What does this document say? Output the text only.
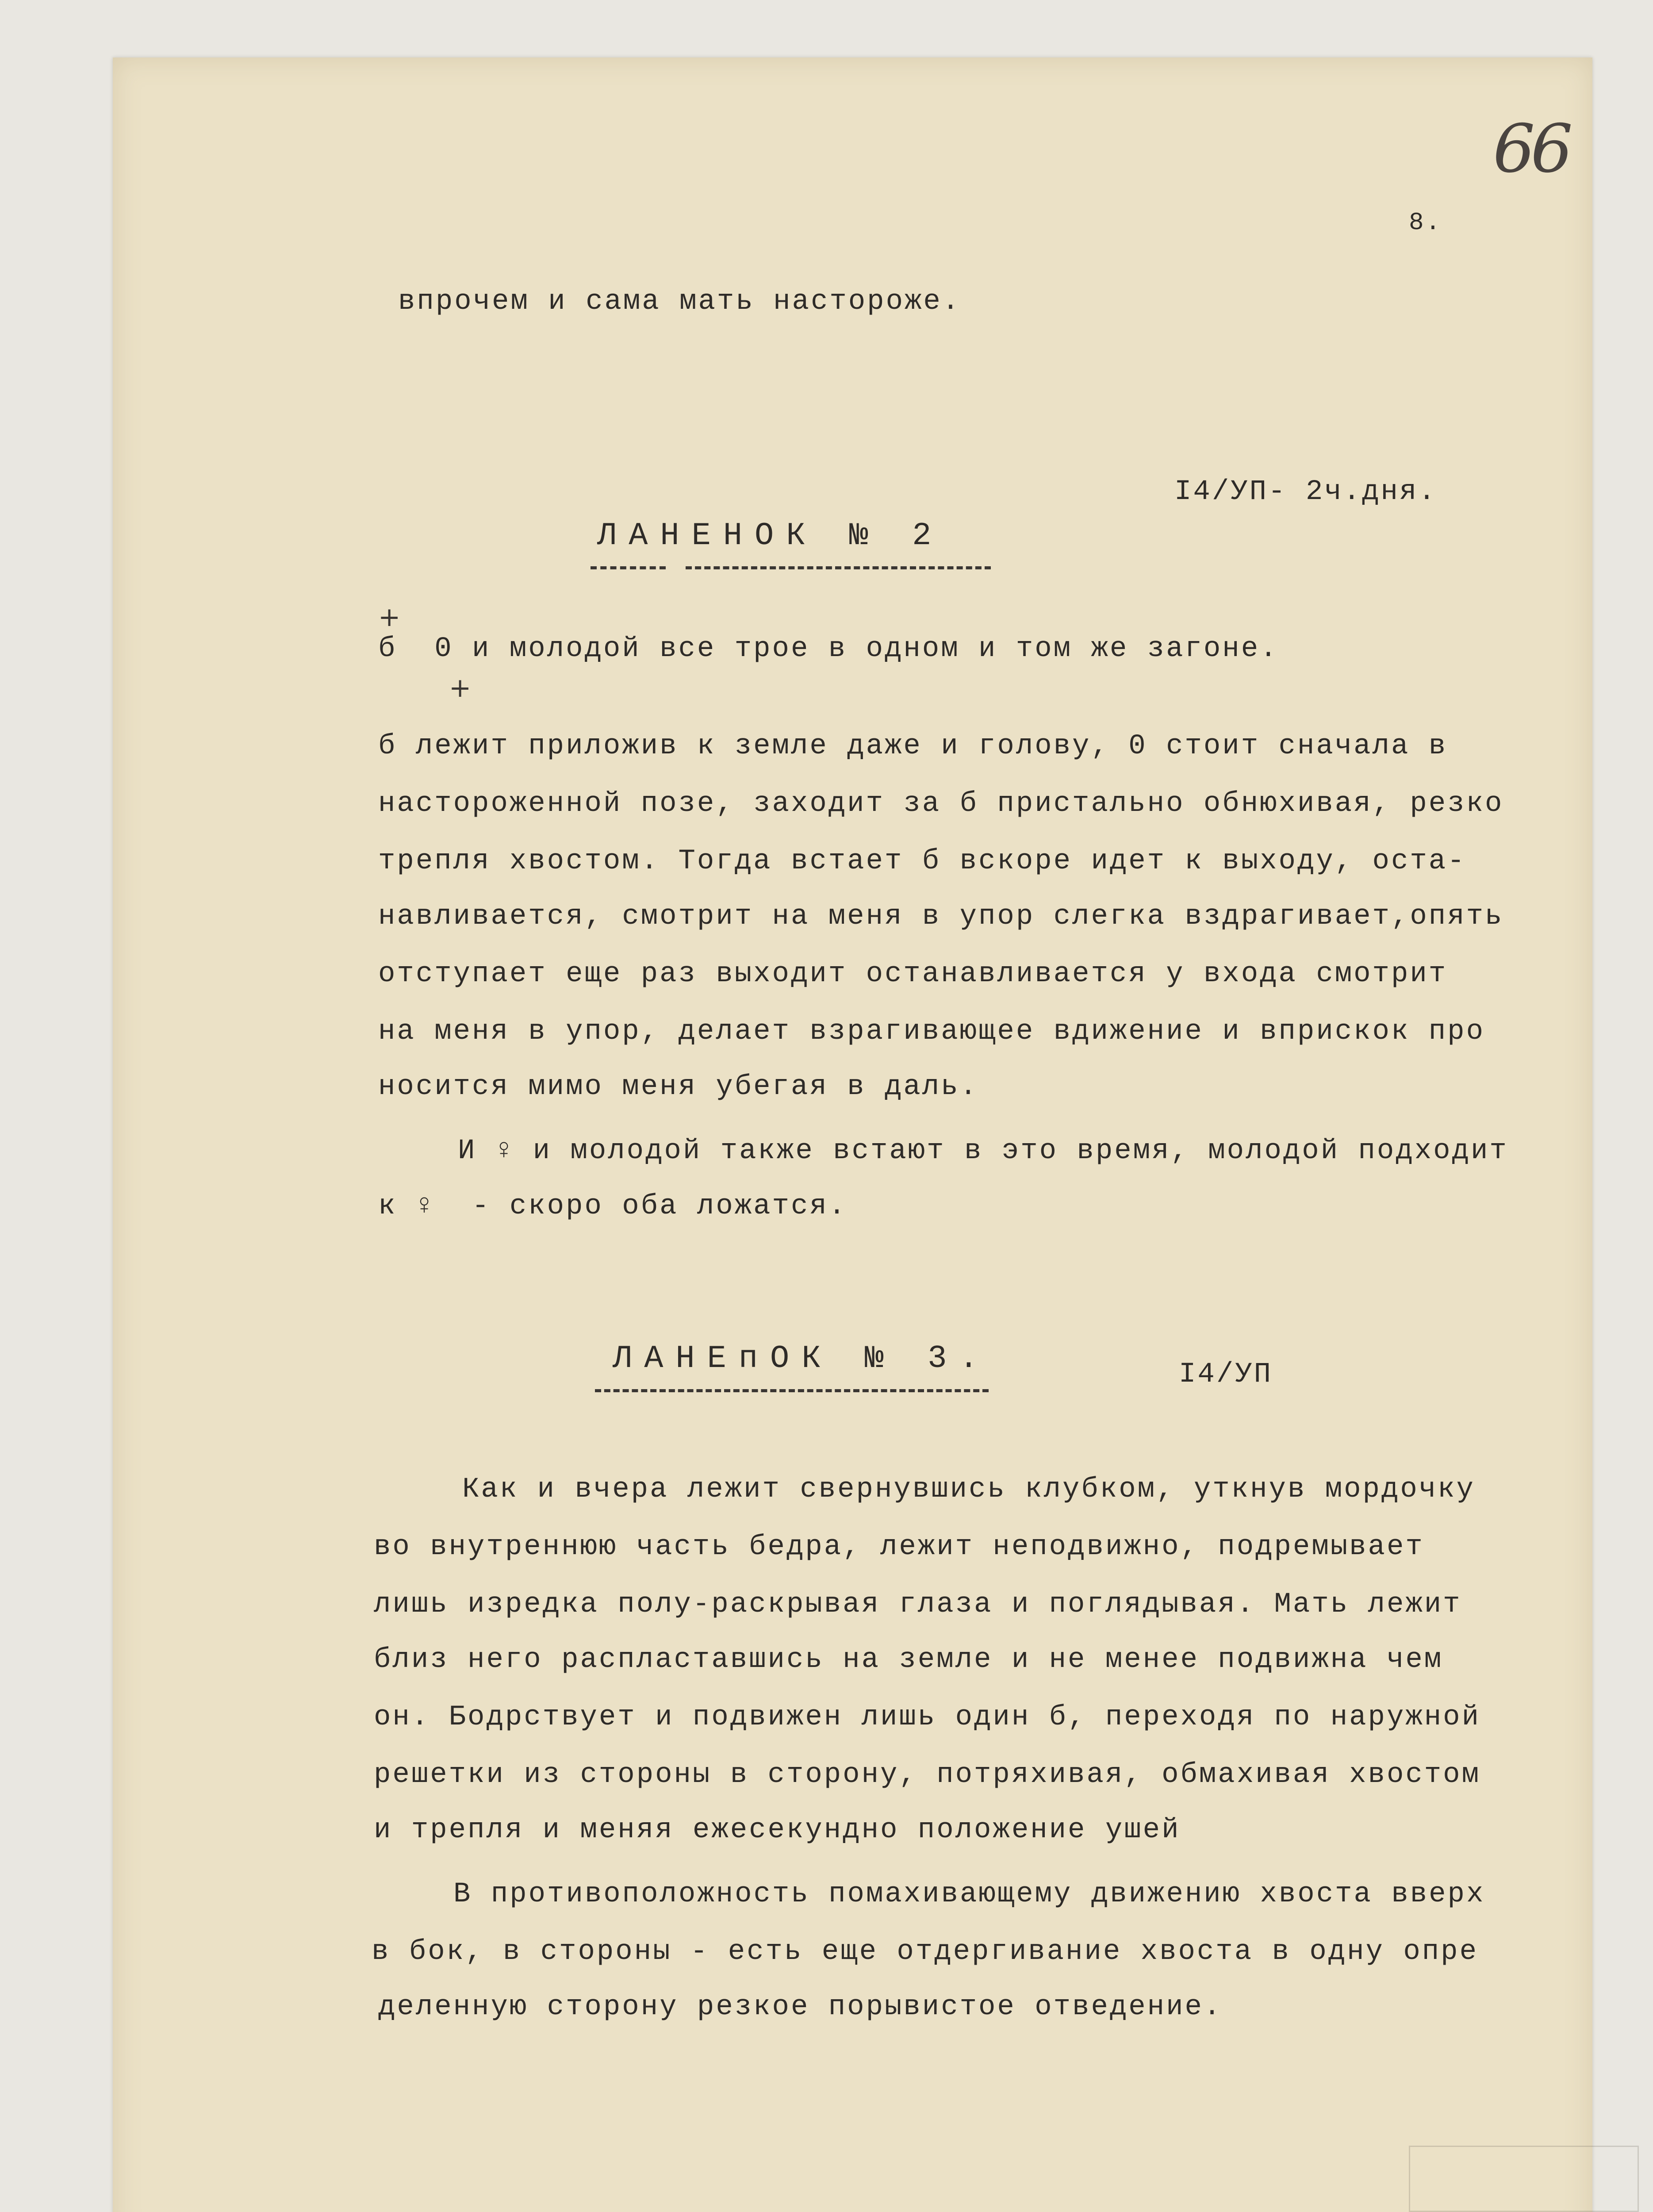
66
8.
впрочем и сама мать настороже.
I4/УП- 2ч.дня.
ЛАНЕНОК № 2
+
+
б  0 и молодой все трое в одном и том же загоне.
б лежит приложив к земле даже и голову, 0 стоит сначала в
настороженной позе, заходит за б пристально обнюхивая, резко
трепля хвостом. Тогда встает б вскоре идет к выходу, оста-
навливается, смотрит на меня в упор слегка вздрагивает,опять
отступает еще раз выходит останавливается у входа смотрит
на меня в упор, делает взрагивающее вдижение и вприскок про
носится мимо меня убегая в даль.
И ♀ и молодой также встают в это время, молодой подходит
к ♀  - скоро оба ложатся.
ЛАНЕпОК № 3.	I4/УП
Как и вчера лежит свернувшись клубком, уткнув мордочку
во внутреннюю часть бедра, лежит неподвижно, подремывает
лишь изредка полу-раскрывая глаза и поглядывая. Мать лежит
близ него распластавшись на земле и не менее подвижна чем
он. Бодрствует и подвижен лишь один б, переходя по наружной
решетки из стороны в сторону, потряхивая, обмахивая хвостом
и трепля и меняя ежесекундно положение ушей
В противоположность помахивающему движению хвоста вверх
в бок, в стороны - есть еще отдергивание хвоста в одну опре
деленную сторону резкое порывистое отведение.
